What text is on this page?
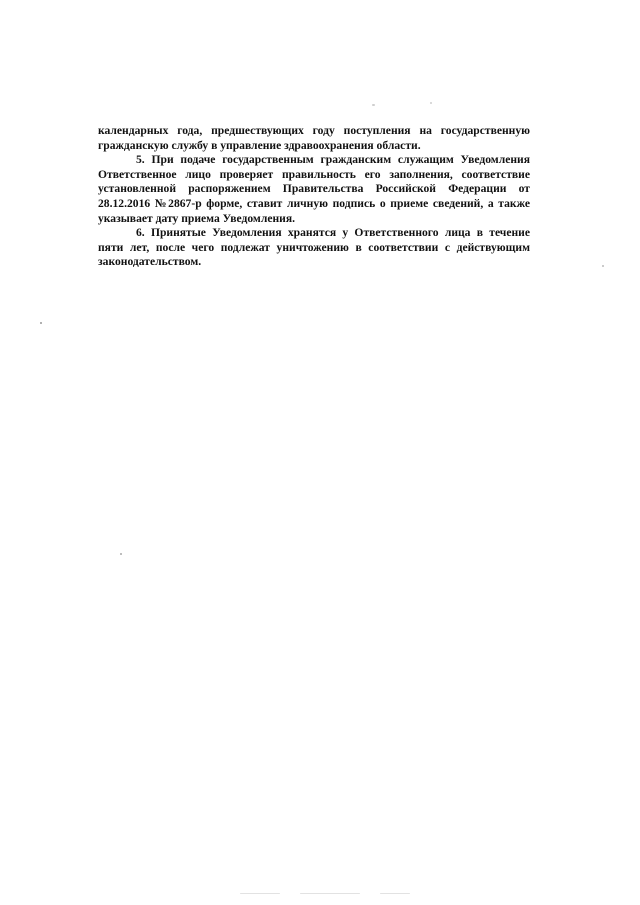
календарных года, предшествующих году поступления на государственную гражданскую службу в управление здравоохранения области.

5. При подаче государственным гражданским служащим Уведомления Ответственное лицо проверяет правильность его заполнения, соответствие установленной распоряжением Правительства Российской Федерации от 28.12.2016 №2867-р форме, ставит личную подпись о приеме сведений, а также указывает дату приема Уведомления.

6. Принятые Уведомления хранятся у Ответственного лица в течение пяти лет, после чего подлежат уничтожению в соответствии с действующим законодательством.
